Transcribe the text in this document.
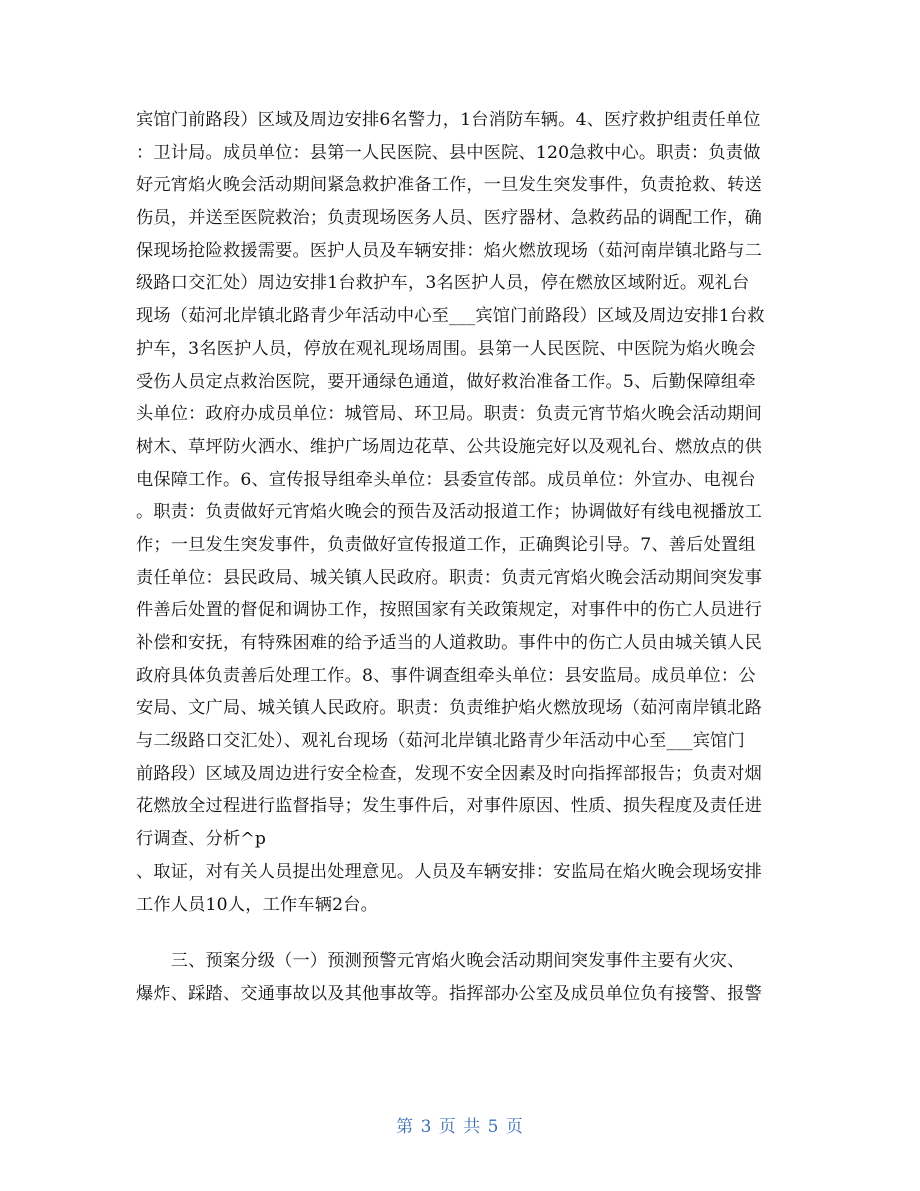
宾馆门前路段）区域及周边安排6名警力，1台消防车辆。4、医疗救护组责任单位
：卫计局。成员单位：县第一人民医院、县中医院、120急救中心。职责：负责做
好元宵焰火晚会活动期间紧急救护准备工作，一旦发生突发事件，负责抢救、转送
伤员，并送至医院救治；负责现场医务人员、医疗器材、急救药品的调配工作，确
保现场抢险救援需要。医护人员及车辆安排：焰火燃放现场（茹河南岸镇北路与二
级路口交汇处）周边安排1台救护车，3名医护人员，停在燃放区域附近。观礼台
现场（茹河北岸镇北路青少年活动中心至___宾馆门前路段）区域及周边安排1台救
护车，3名医护人员，停放在观礼现场周围。县第一人民医院、中医院为焰火晚会
受伤人员定点救治医院，要开通绿色通道，做好救治准备工作。5、后勤保障组牵
头单位：政府办成员单位：城管局、环卫局。职责：负责元宵节焰火晚会活动期间
树木、草坪防火洒水、维护广场周边花草、公共设施完好以及观礼台、燃放点的供
电保障工作。6、宣传报导组牵头单位：县委宣传部。成员单位：外宣办、电视台
。职责：负责做好元宵焰火晚会的预告及活动报道工作；协调做好有线电视播放工
作；一旦发生突发事件，负责做好宣传报道工作，正确舆论引导。7、善后处置组
责任单位：县民政局、城关镇人民政府。职责：负责元宵焰火晚会活动期间突发事
件善后处置的督促和调协工作，按照国家有关政策规定，对事件中的伤亡人员进行
补偿和安抚，有特殊困难的给予适当的人道救助。事件中的伤亡人员由城关镇人民
政府具体负责善后处理工作。8、事件调查组牵头单位：县安监局。成员单位：公
安局、文广局、城关镇人民政府。职责：负责维护焰火燃放现场（茹河南岸镇北路
与二级路口交汇处）、观礼台现场（茹河北岸镇北路青少年活动中心至___宾馆门
前路段）区域及周边进行安全检查，发现不安全因素及时向指挥部报告；负责对烟
花燃放全过程进行监督指导；发生事件后，对事件原因、性质、损失程度及责任进
行调查、分析^p
、取证，对有关人员提出处理意见。人员及车辆安排：安监局在焰火晚会现场安排
工作人员10人，工作车辆2台。
　　三、预案分级（一）预测预警元宵焰火晚会活动期间突发事件主要有火灾、
爆炸、踩踏、交通事故以及其他事故等。指挥部办公室及成员单位负有接警、报警
第 3 页 共 5 页
